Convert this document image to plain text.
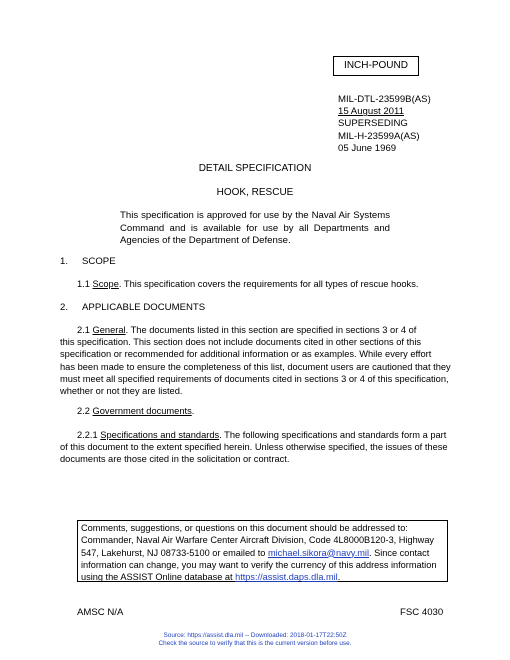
INCH-POUND
MIL-DTL-23599B(AS)
15 August 2011
SUPERSEDING
MIL-H-23599A(AS)
05 June 1969
DETAIL SPECIFICATION
HOOK, RESCUE
This specification is approved for use by the Naval Air Systems Command and is available for use by all Departments and Agencies of the Department of Defense.
1. SCOPE
1.1 Scope. This specification covers the requirements for all types of rescue hooks.
2. APPLICABLE DOCUMENTS
2.1 General. The documents listed in this section are specified in sections 3 or 4 of
this specification. This section does not include documents cited in other sections of this
specification or recommended for additional information or as examples. While every effort
has been made to ensure the completeness of this list, document users are cautioned that they
must meet all specified requirements of documents cited in sections 3 or 4 of this specification,
whether or not they are listed.
2.2 Government documents.
2.2.1 Specifications and standards. The following specifications and standards form a part
of this document to the extent specified herein. Unless otherwise specified, the issues of these
documents are those cited in the solicitation or contract.
Comments, suggestions, or questions on this document should be addressed to:
Commander, Naval Air Warfare Center Aircraft Division, Code 4L8000B120-3, Highway
547, Lakehurst, NJ 08733-5100 or emailed to michael.sikora@navy.mil. Since contact
information can change, you may want to verify the currency of this address information
using the ASSIST Online database at https://assist.daps.dla.mil.
AMSC N/A	FSC 4030
Source: https://assist.dla.mil -- Downloaded: 2018-01-17T22:50Z
Check the source to verify that this is the current version before use.
